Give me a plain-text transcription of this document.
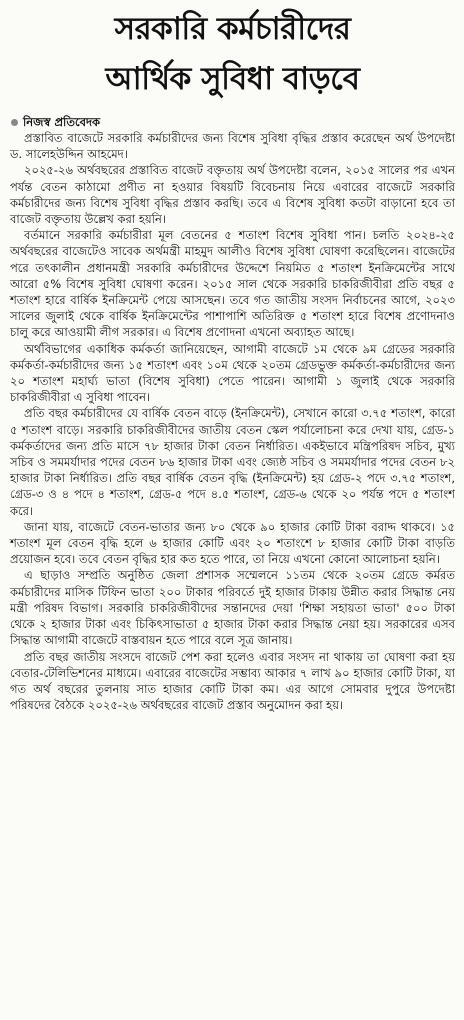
সরকারি কর্মচারীদের
আর্থিক সুবিধা বাড়বে
নিজস্ব প্রতিবেদক

প্রস্তাবিত বাজেটে সরকারি কর্মচারীদের জন্য বিশেষ সুবিধা বৃদ্ধির প্রস্তাব করেছেন অর্থ উপদেষ্টা ড. সালেহউদ্দিন আহমেদ।

২০২৫-২৬ অর্থবছরের প্রস্তাবিত বাজেট বক্তৃতায় অর্থ উপদেষ্টা বলেন, ২০১৫ সালের পর এখন পর্যন্ত বেতন কাঠামো প্রণীত না হওয়ার বিষয়টি বিবেচনায় নিয়ে এবারের বাজেটে সরকারি কর্মচারীদের জন্য বিশেষ সুবিধা বৃদ্ধির প্রস্তাব করছি। তবে এ বিশেষ সুবিধা কতটা বাড়ানো হবে তা বাজেট বক্তৃতায় উল্লেখ করা হয়নি।

বর্তমানে সরকারি কর্মচারীরা মূল বেতনের ৫ শতাংশ বিশেষ সুবিধা পান। চলতি ২০২৪-২৫ অর্থবছরের বাজেটেও সাবেক অর্থমন্ত্রী মাহমুদ আলীও বিশেষ সুবিধা ঘোষণা করেছিলেন। বাজেটের পরে তৎকালীন প্রধানমন্ত্রী সরকারি কর্মচারীদের উদ্দেশে নিয়মিত ৫ শতাংশ ইনক্রিমেন্টের সাথে আরো ৫% বিশেষ সুবিধা ঘোষণা করেন। ২০১৫ সাল থেকে সরকারি চাকরিজীবীরা প্রতি বছর ৫ শতাংশ হারে বার্ষিক ইনক্রিমেন্ট পেয়ে আসছেন। তবে গত জাতীয় সংসদ নির্বাচনের আগে, ২০২৩ সালের জুলাই থেকে বার্ষিক ইনক্রিমেন্টের পাশাপাশি অতিরিক্ত ৫ শতাংশ হারে বিশেষ প্রণোদনাও চালু করে আওয়ামী লীগ সরকার। এ বিশেষ প্রণোদনা এখনো অব্যাহত আছে।

অর্থবিভাগের একাধিক কর্মকর্তা জানিয়েছেন, আগামী বাজেটে ১ম থেকে ৯ম গ্রেডের সরকারি কর্মকর্তা-কর্মচারীদের জন্য ১৫ শতাংশ এবং ১০ম থেকে ২০তম গ্রেডভুক্ত কর্মকর্তা-কর্মচারীদের জন্য ২০ শতাংশ মহার্ঘ্য ভাতা (বিশেষ সুবিধা) পেতে পারেন। আগামী ১ জুলাই থেকে সরকারি চাকরিজীবীরা এ সুবিধা পাবেন।

প্রতি বছর কর্মচারীদের যে বার্ষিক বেতন বাড়ে (ইনক্রিমেন্ট), সেখানে কারো ৩.৭৫ শতাংশ, কারো ৫ শতাংশ বাড়ে। সরকারি চাকরিজীবীদের জাতীয় বেতন স্কেল পর্যালোচনা করে দেখা যায়, গ্রেড-১ কর্মকর্তাদের জন্য প্রতি মাসে ৭৮ হাজার টাকা বেতন নির্ধারিত। একইভাবে মন্ত্রিপরিষদ সচিব, মুখ্য সচিব ও সমমর্যাদার পদের বেতন ৮৬ হাজার টাকা এবং জ্যেষ্ঠ সচিব ও সমমর্যাদার পদের বেতন ৮২ হাজার টাকা নির্ধারিত। প্রতি বছর বার্ষিক বেতন বৃদ্ধি (ইনক্রিমেন্ট) হয় গ্রেড-২ পদে ৩.৭৫ শতাংশ, গ্রেড-৩ ও ৪ পদে ৪ শতাংশ, গ্রেড-৫ পদে ৪.৫ শতাংশ, গ্রেড-৬ থেকে ২০ পর্যন্ত পদে ৫ শতাংশ করে।

জানা যায়, বাজেটে বেতন-ভাতার জন্য ৮০ থেকে ৯০ হাজার কোটি টাকা বরাদ্দ থাকবে। ১৫ শতাংশ মূল বেতন বৃদ্ধি হলে ৬ হাজার কোটি এবং ২০ শতাংশে ৮ হাজার কোটি টাকা বাড়তি প্রয়োজন হবে। তবে বেতন বৃদ্ধির হার কত হতে পারে, তা নিয়ে এখনো কোনো আলোচনা হয়নি।

এ ছাড়াও সম্প্রতি অনুষ্ঠিত জেলা প্রশাসক সম্মেলনে ১১তম থেকে ২০তম গ্রেডে কর্মরত কর্মচারীদের মাসিক টিফিন ভাতা ২০০ টাকার পরিবর্তে দুই হাজার টাকায় উন্নীত করার সিদ্ধান্ত নেয় মন্ত্রী পরিষদ বিভাগ। সরকারি চাকরিজীবীদের সন্তানদের দেয়া 'শিক্ষা সহায়তা ভাতা' ৫০০ টাকা থেকে ২ হাজার টাকা এবং চিকিৎসাভাতা ৫ হাজার টাকা করার সিদ্ধান্ত নেয়া হয়। সরকারের এসব সিদ্ধান্ত আগামী বাজেটে বাস্তবায়ন হতে পারে বলে সূত্র জানায়।

প্রতি বছর জাতীয় সংসদে বাজেট পেশ করা হলেও এবার সংসদ না থাকায় তা ঘোষণা করা হয় বেতার-টেলিভিশনের মাধ্যমে। এবারের বাজেটের সম্ভাব্য আকার ৭ লাখ ৯০ হাজার কোটি টাকা, যা গত অর্থ বছরের তুলনায় সাত হাজার কোটি টাকা কম। এর আগে সোমবার দুপুরে উপদেষ্টা পরিষদের বৈঠকে ২০২৫-২৬ অর্থবছরের বাজেট প্রস্তাব অনুমোদন করা হয়।
